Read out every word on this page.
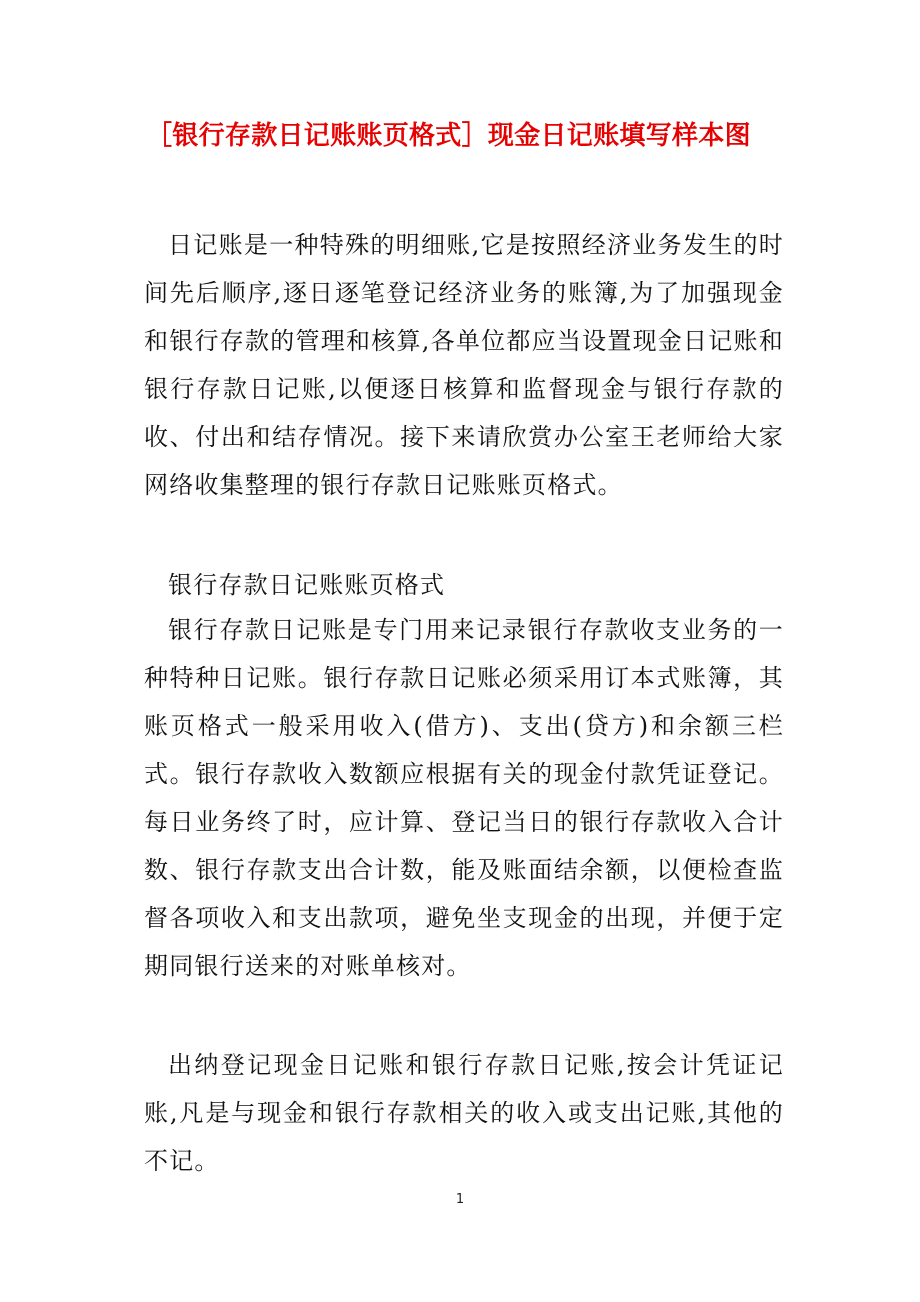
［银行存款日记账账页格式］现金日记账填写样本图

日记账是一种特殊的明细账,它是按照经济业务发生的时间先后顺序,逐日逐笔登记经济业务的账簿,为了加强现金和银行存款的管理和核算,各单位都应当设置现金日记账和银行存款日记账,以便逐日核算和监督现金与银行存款的收、付出和结存情况。接下来请欣赏办公室王老师给大家网络收集整理的银行存款日记账账页格式。

银行存款日记账账页格式

银行存款日记账是专门用来记录银行存款收支业务的一种特种日记账。银行存款日记账必须采用订本式账簿，其账页格式一般采用收入(借方)、支出(贷方)和余额三栏式。银行存款收入数额应根据有关的现金付款凭证登记。每日业务终了时，应计算、登记当日的银行存款收入合计数、银行存款支出合计数，能及账面结余额，以便检查监督各项收入和支出款项，避免坐支现金的出现，并便于定期同银行送来的对账单核对。

出纳登记现金日记账和银行存款日记账,按会计凭证记账,凡是与现金和银行存款相关的收入或支出记账,其他的不记。

1
